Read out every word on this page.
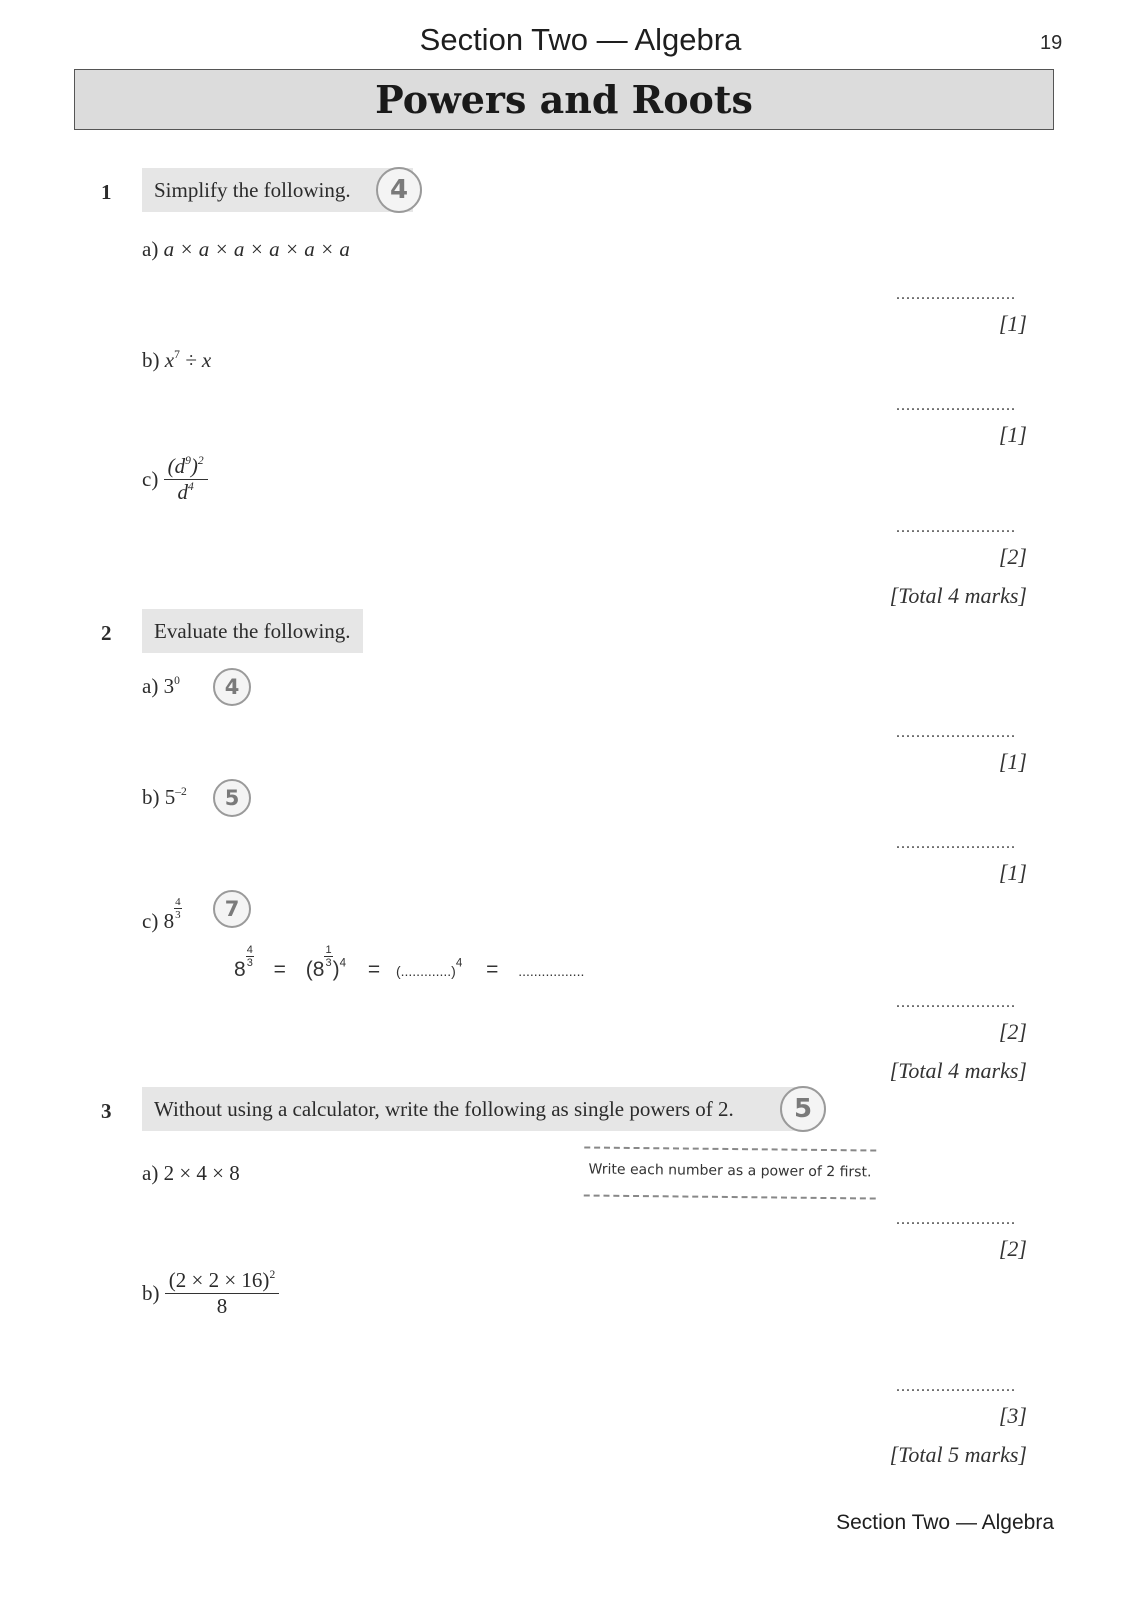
Section Two — Algebra	19
Powers and Roots
1	Simplify the following.	4
a) a × a × a × a × a × a
........................
[1]
b) $x^7 \div x$
........................
[1]
$c) \frac{(d^9)^2}{d^4}$
........................
[2]
[Total 4 marks]
2	Evaluate the following.
a) $3^0$	4
........................
[1]
b) $5^{-2}$	5
........................
[1]
c) $8 \frac{4}{3}$	7
8
$\frac{4}{3}$
= (8
$\frac{1}{3}$
)$^4$ = (.............)$^4$ = .................
........................
[2]
[Total 4 marks]
3	Without using a calculator, write the following as single powers of 2.	5
Write each number as a power of 2 first.
a) 2 × 4 × 8
........................
[2]
$b) \frac{(2 \times 2 \times 16)^2}{8}$
........................
[3]
[Total 5 marks]
Section Two — Algebra
